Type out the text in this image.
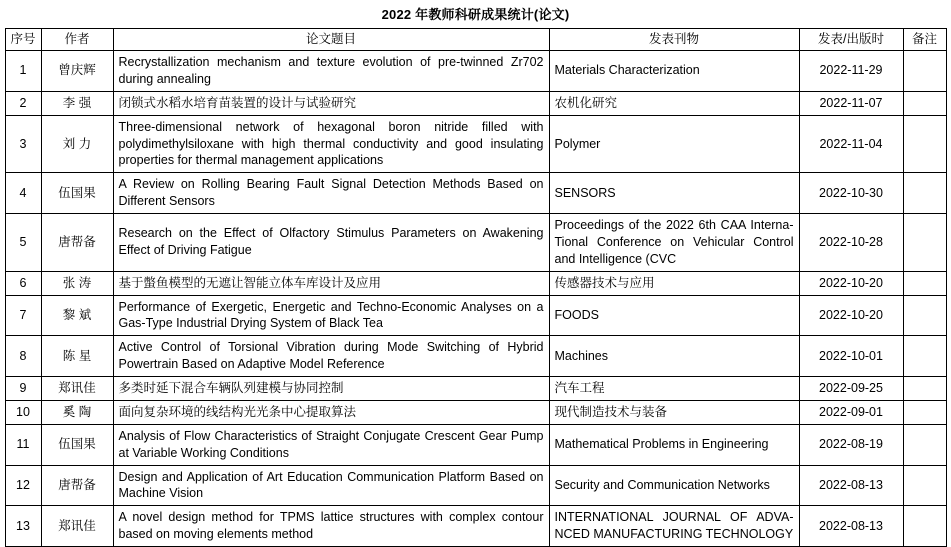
2022 年教师科研成果统计(论文)
序号	作者	论文题目	发表刊物	发表/出版时	备注
1	曾庆辉	Recrystallization mechanism and texture evolution of pre-twinned Zr702 during annealing	Materials Characterization	2022-11-29	
2	李 强	闭锁式水稻水培育苗装置的设计与试验研究	农机化研究	2022-11-07	
3	刘 力	Three-dimensional network of hexagonal boron nitride filled with polydimethylsiloxane with high thermal conductivity and good insulating properties for thermal management applications	Polymer	2022-11-04	
4	伍国果	A Review on Rolling Bearing Fault Signal Detection Methods Based on Different Sensors	SENSORS	2022-10-30	
5	唐帮备	Research on the Effect of Olfactory Stimulus Parameters on Awakening Effect of Driving Fatigue	Proceedings of the 2022 6th CAA Interna-Tional Conference on Vehicular Control and Intelligence (CVC	2022-10-28	
6	张 涛	基于蟞鱼模型的无遮让智能立体车库设计及应用	传感器技术与应用	2022-10-20	
7	黎 斌	Performance of Exergetic, Energetic and Techno-Economic Analyses on a Gas-Type Industrial Drying System of Black Tea	FOODS	2022-10-20	
8	陈 星	Active Control of Torsional Vibration during Mode Switching of Hybrid Powertrain Based on Adaptive Model Reference	Machines	2022-10-01	
9	郑讯佳	多类时延下混合车辆队列建模与协同控制	汽车工程	2022-09-25	
10	奚 陶	面向复杂环境的线结构光光条中心提取算法	现代制造技术与装备	2022-09-01	
11	伍国果	Analysis of Flow Characteristics of Straight Conjugate Crescent Gear Pump at Variable Working Conditions	Mathematical Problems in Engineering	2022-08-19	
12	唐帮备	Design and Application of Art Education Communication Platform Based on Machine Vision	Security and Communication Networks	2022-08-13	
13	郑讯佳	A novel design method for TPMS lattice structures with complex contour based on moving elements method	INTERNATIONAL JOURNAL OF ADVA-NCED MANUFACTURING TECHNOLOGY	2022-08-13	
